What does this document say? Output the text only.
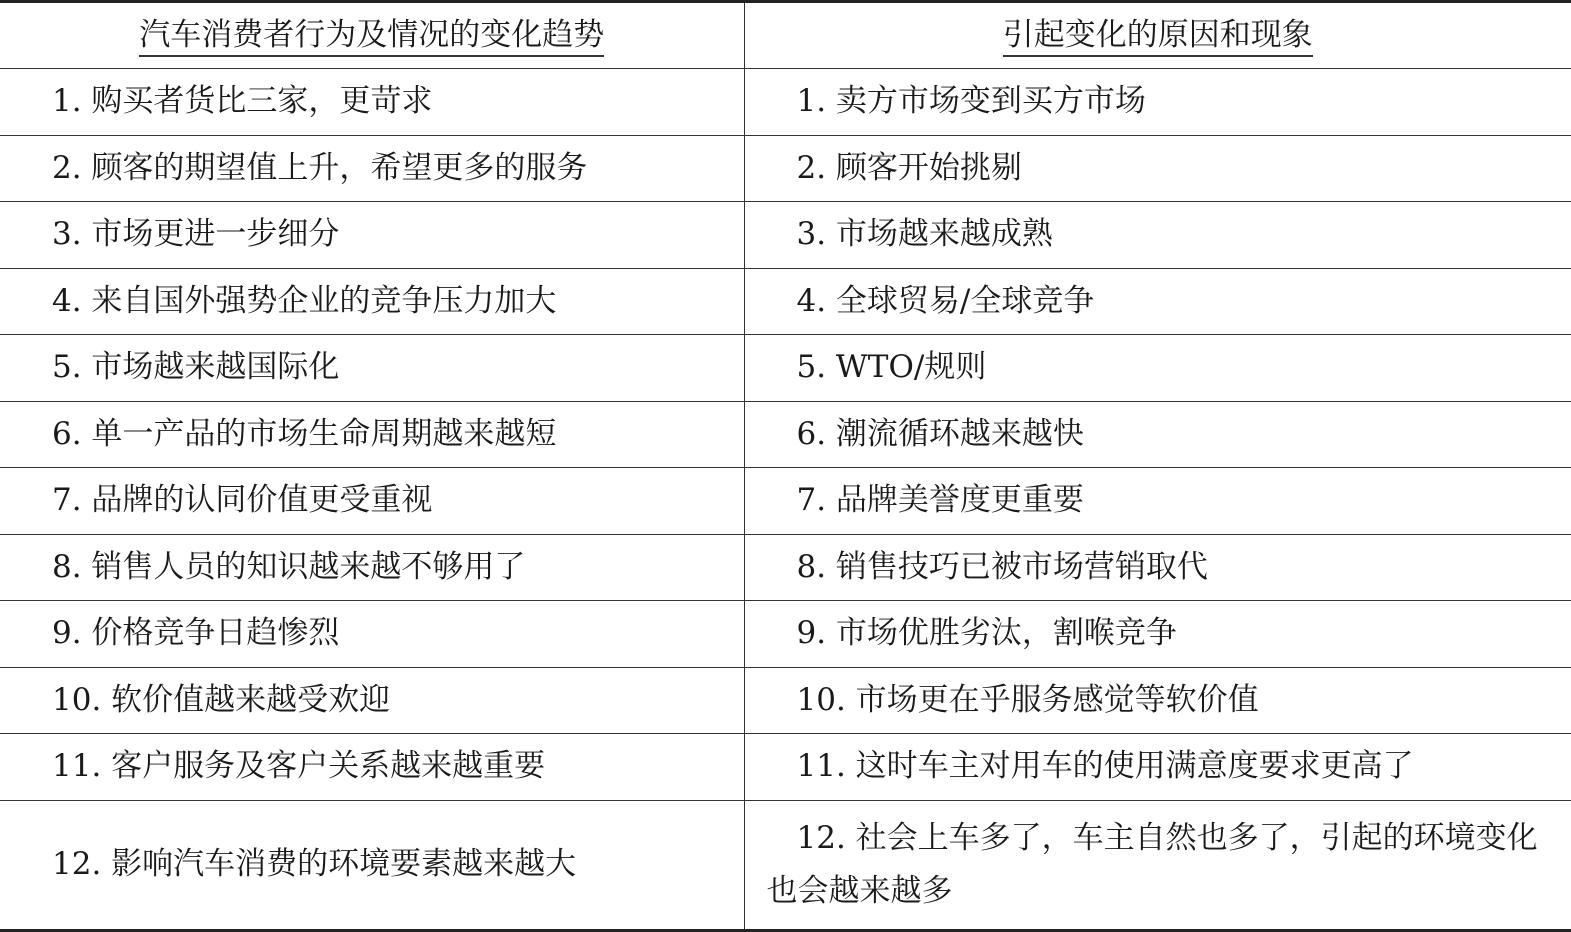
汽车消费者行为及情况的变化趋势	引起变化的原因和现象
1. 购买者货比三家，更苛求	1. 卖方市场变到买方市场
2. 顾客的期望值上升，希望更多的服务	2. 顾客开始挑剔
3. 市场更进一步细分	3. 市场越来越成熟
4. 来自国外强势企业的竞争压力加大	4. 全球贸易/全球竞争
5. 市场越来越国际化	5. WTO/规则
6. 单一产品的市场生命周期越来越短	6. 潮流循环越来越快
7. 品牌的认同价值更受重视	7. 品牌美誉度更重要
8. 销售人员的知识越来越不够用了	8. 销售技巧已被市场营销取代
9. 价格竞争日趋惨烈	9. 市场优胜劣汰，割喉竞争
10. 软价值越来越受欢迎	10. 市场更在乎服务感觉等软价值
11. 客户服务及客户关系越来越重要	11. 这时车主对用车的使用满意度要求更高了
12. 影响汽车消费的环境要素越来越大	12. 社会上车多了，车主自然也多了，引起的环境变化也会越来越多
